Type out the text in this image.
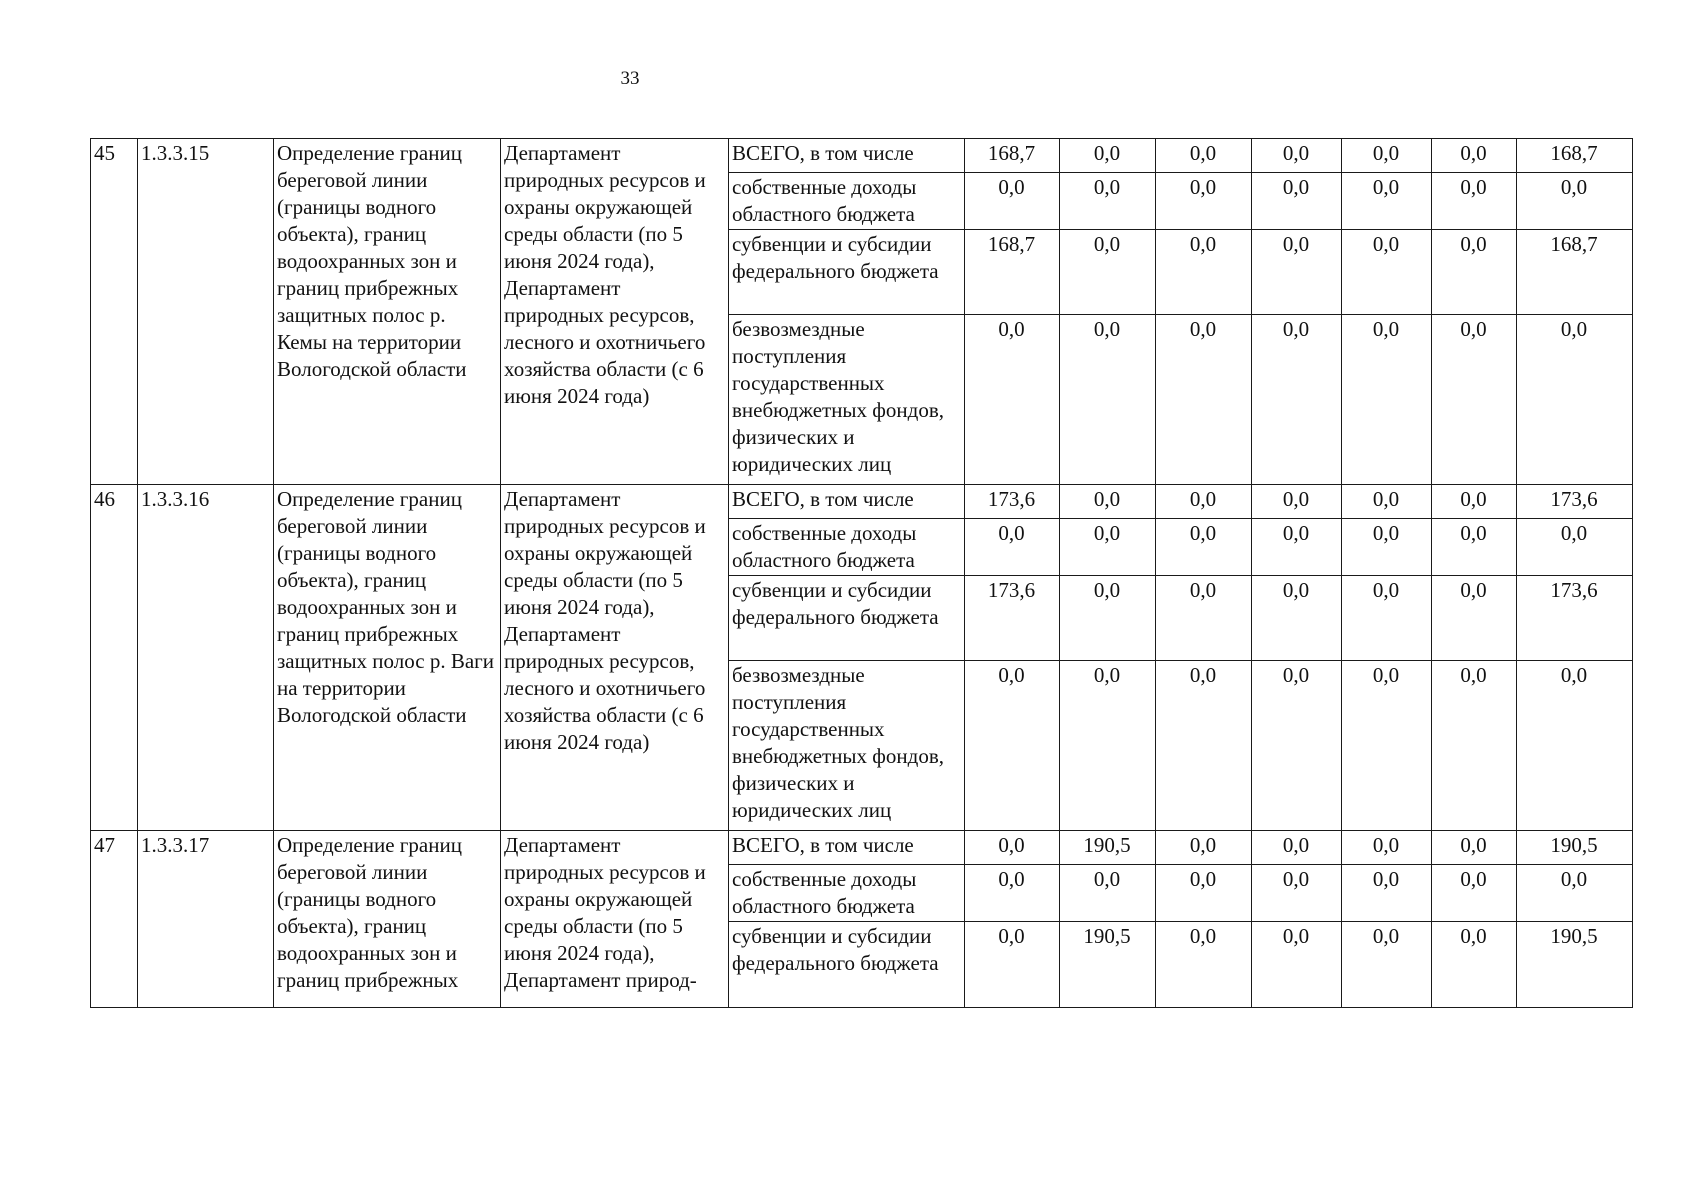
33
45	1.3.3.15	Определение границ береговой линии (границы водного объекта), границ водоохранных зон и границ прибрежных защитных полос р. Кемы на территории Вологодской области	Департамент природных ресурсов и охраны окружающей среды области (по 5 июня 2024 года), Департамент природных ресурсов, лесного и охотничьего хозяйства области (с 6 июня 2024 года)	ВСЕГО, в том числе	168,7	0,0	0,0	0,0	0,0	0,0	168,7
				собственные доходы областного бюджета	0,0	0,0	0,0	0,0	0,0	0,0	0,0
				субвенции и субсидии федерального бюджета	168,7	0,0	0,0	0,0	0,0	0,0	168,7
				безвозмездные поступления государственных внебюджетных фондов, физических и юридических лиц	0,0	0,0	0,0	0,0	0,0	0,0	0,0
46	1.3.3.16	Определение границ береговой линии (границы водного объекта), границ водоохранных зон и границ прибрежных защитных полос р. Ваги на территории Вологодской области	Департамент природных ресурсов и охраны окружающей среды области (по 5 июня 2024 года), Департамент природных ресурсов, лесного и охотничьего хозяйства области (с 6 июня 2024 года)	ВСЕГО, в том числе	173,6	0,0	0,0	0,0	0,0	0,0	173,6
				собственные доходы областного бюджета	0,0	0,0	0,0	0,0	0,0	0,0	0,0
				субвенции и субсидии федерального бюджета	173,6	0,0	0,0	0,0	0,0	0,0	173,6
				безвозмездные поступления государственных внебюджетных фондов, физических и юридических лиц	0,0	0,0	0,0	0,0	0,0	0,0	0,0
47	1.3.3.17	Определение границ береговой линии (границы водного объекта), границ водоохранных зон и границ прибрежных	Департамент природных ресурсов и охраны окружающей среды области (по 5 июня 2024 года), Департамент природ-	ВСЕГО, в том числе	0,0	190,5	0,0	0,0	0,0	0,0	190,5
				собственные доходы областного бюджета	0,0	0,0	0,0	0,0	0,0	0,0	0,0
				субвенции и субсидии федерального бюджета	0,0	190,5	0,0	0,0	0,0	0,0	190,5
